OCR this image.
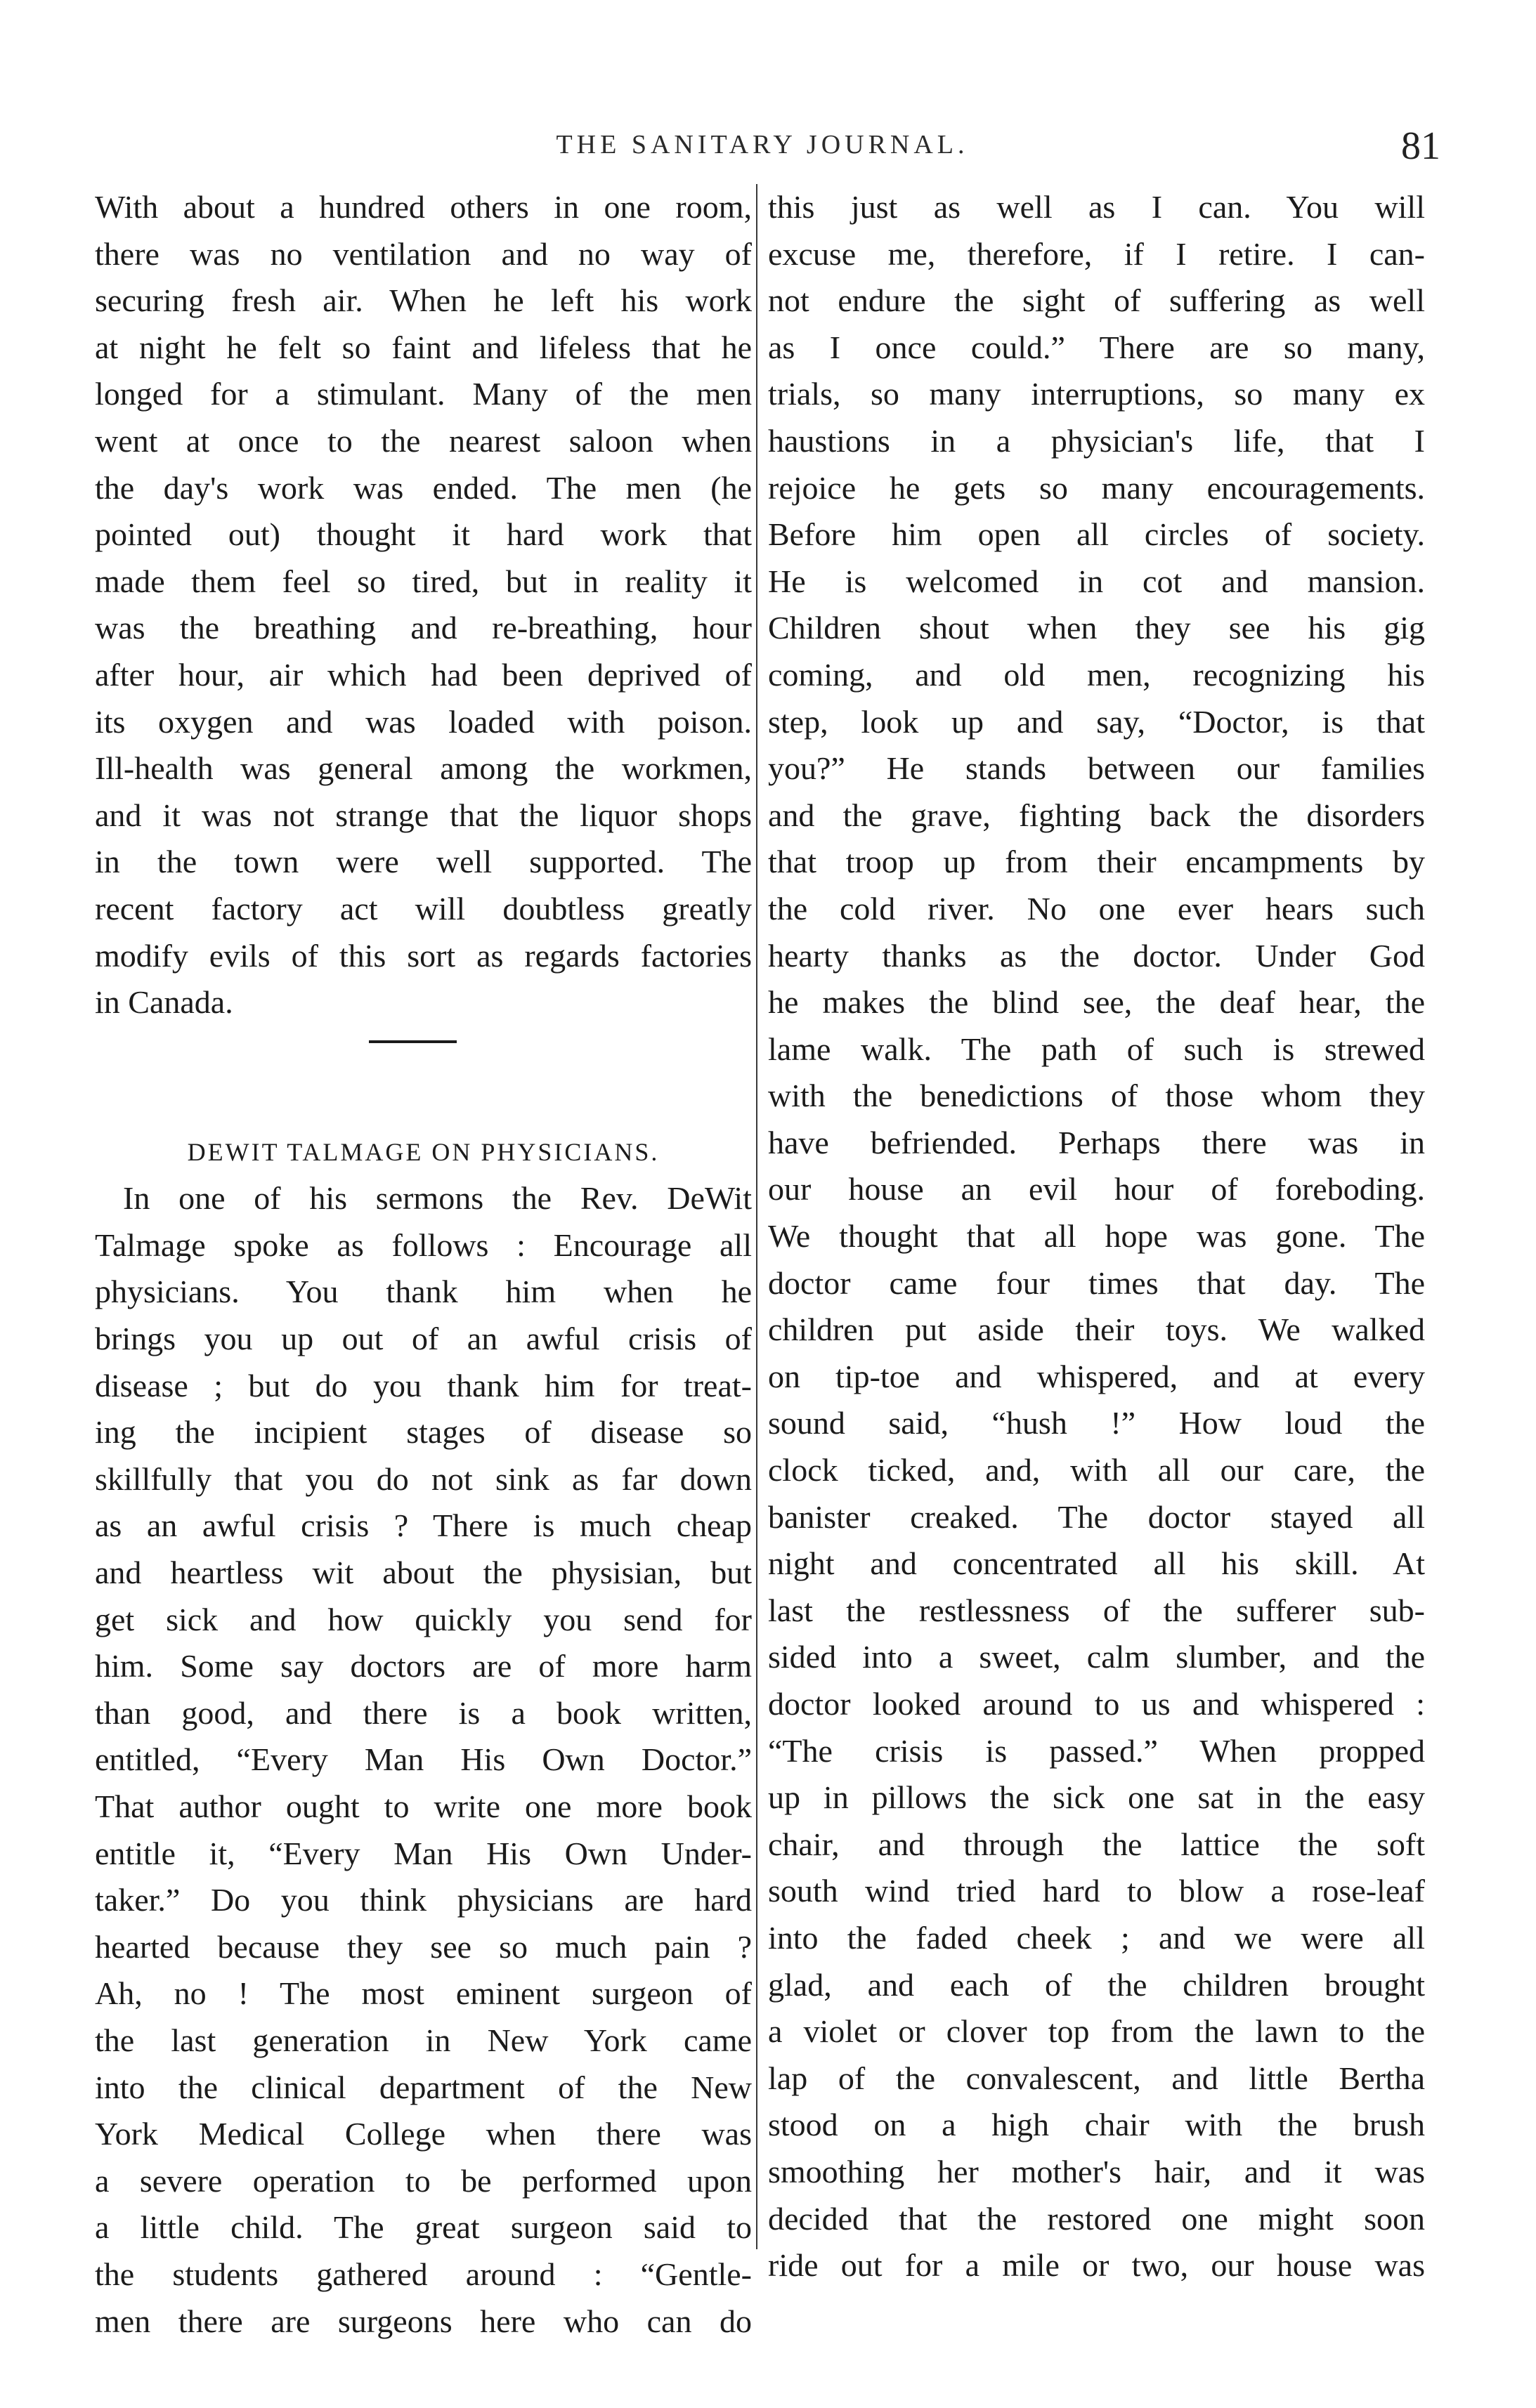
THE SANITARY JOURNAL.	81
With about a hundred others in one room,
there was no ventilation and no way of
securing fresh air. When he left his work
at night he felt so faint and lifeless that he
longed for a stimulant. Many of the men
went at once to the nearest saloon when
the day's work was ended. The men (he
pointed out) thought it hard work that
made them feel so tired, but in reality it
was the breathing and re-breathing, hour
after hour, air which had been deprived of
its oxygen and was loaded with poison.
Ill-health was general among the workmen,
and it was not strange that the liquor shops
in the town were well supported. The
recent factory act will doubtless greatly
modify evils of this sort as regards factories
in Canada.
DEWIT TALMAGE ON PHYSICIANS.
In one of his sermons the Rev. DeWit
Talmage spoke as follows : Encourage all
physicians. You thank him when he
brings you up out of an awful crisis of
disease ; but do you thank him for treat-
ing the incipient stages of disease so
skillfully that you do not sink as far down
as an awful crisis ? There is much cheap
and heartless wit about the physisian, but
get sick and how quickly you send for
him. Some say doctors are of more harm
than good, and there is a book written,
entitled, “Every Man His Own Doctor.”
That author ought to write one more book
entitle it, “Every Man His Own Under-
taker.” Do you think physicians are hard
hearted because they see so much pain ?
Ah, no ! The most eminent surgeon of
the last generation in New York came
into the clinical department of the New
York Medical College when there was
a severe operation to be performed upon
a little child. The great surgeon said to
the students gathered around : “Gentle-
men there are surgeons here who can do
this just as well as I can. You will
excuse me, therefore, if I retire. I can-
not endure the sight of suffering as well
as I once could.” There are so many,
trials, so many interruptions, so many ex
haustions in a physician's life, that I
rejoice he gets so many encouragements.
Before him open all circles of society.
He is welcomed in cot and mansion.
Children shout when they see his gig
coming, and old men, recognizing his
step, look up and say, “Doctor, is that
you?” He stands between our families
and the grave, fighting back the disorders
that troop up from their encampments by
the cold river. No one ever hears such
hearty thanks as the doctor. Under God
he makes the blind see, the deaf hear, the
lame walk. The path of such is strewed
with the benedictions of those whom they
have befriended. Perhaps there was in
our house an evil hour of foreboding.
We thought that all hope was gone. The
doctor came four times that day. The
children put aside their toys. We walked
on tip-toe and whispered, and at every
sound said, “hush !” How loud the
clock ticked, and, with all our care, the
banister creaked. The doctor stayed all
night and concentrated all his skill. At
last the restlessness of the sufferer sub-
sided into a sweet, calm slumber, and the
doctor looked around to us and whispered :
“The crisis is passed.” When propped
up in pillows the sick one sat in the easy
chair, and through the lattice the soft
south wind tried hard to blow a rose-leaf
into the faded cheek ; and we were all
glad, and each of the children brought
a violet or clover top from the lawn to the
lap of the convalescent, and little Bertha
stood on a high chair with the brush
smoothing her mother's hair, and it was
decided that the restored one might soon
ride out for a mile or two, our house was
